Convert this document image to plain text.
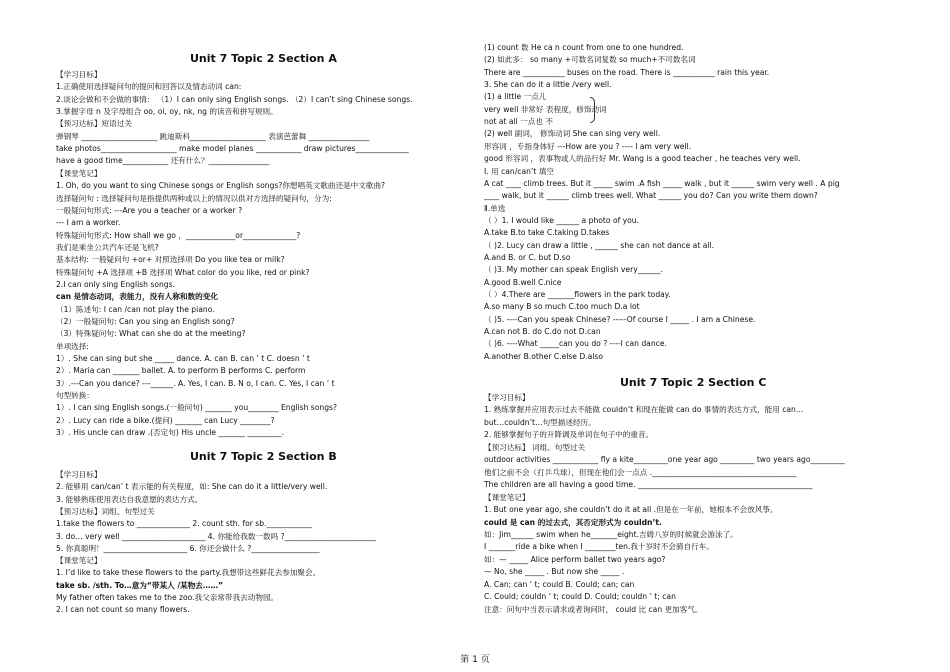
Unit 7 Topic 2 Section A
【学习目标】
1.正确使用选择疑问句的提问和回答以及情态动词 can:
2.谈论会做和不会做的事情： （1）I can only sing English songs. （2）I can’t sing Chinese songs.
3.掌握字母 n 及字母组合 oo, oi, oy, nk, ng 的读音和拼写规则。
【预习达标】短语过关
弹钢琴 ____________________ 跳迪斯科____________________ 表演芭蕾舞 ________________
take photos____________________ make model planes ____________ draw pictures______________
have a good time____________ 还有什么？________________
【课堂笔记】
1. Oh, do you want to sing Chinese songs or English songs?你想唱英文歌曲还是中文歌曲?
选择疑问句 : 选择疑问句是指提供两种或以上的情况以供对方选择的疑问句，分为:
一般疑问句形式: ---Are you a teacher or a worker ?
--- I am a worker.
特殊疑问句形式: How shall we go ，_____________or______________?
我们是乘坐公共汽车还是飞机?
基本结构: 一般疑问句 +or+ 对照选择项 Do you like tea or milk?
特殊疑问句 +A 选择项 +B 选择项 What color do you like, red or pink?
2.I can only sing English songs.
can 是情态动词，表能力，没有人称和数的变化
（1）陈述句: I can /can not play the piano.
（2）一般疑问句: Can you sing an English song?
（3）特殊疑问句: What can she do at the meeting?
单项选择:
1）. She can sing but she _____ dance. A. can B. can ’ t C. doesn ’ t
2）. Maria can _______ ballet. A. to perform B performs C. perform
3）.---Can you dance? ---______. A. Yes, I can. B. N o, I can. C. Yes, I can ’ t
句型转换：
1）. I can sing English songs.(一般问句) _______ you________ English songs?
2）. Lucy can ride a bike.(提问) _______ can Lucy ________?
3）. His uncle can draw .(否定句) His uncle _______ _________.
Unit 7 Topic 2 Section B
【学习目标】
2. 能够用 can/can’ t 表示能的有关程度，如: She can do it a little/very well.
3. 能够熟练使用表达自我意愿的表达方式。
【预习达标】词组、句型过关
1.take the flowers to ______________ 2. count sth. for sb.____________
3. do… very well ______________________ 4. 你能给我数一数吗 ?________________________
5. 你真聪明！______________________ 6. 你还会做什么 ?__________________
【课堂笔记】
1. I’d like to take these flowers to the party.我想带这些鲜花去参加聚会。
take sb. /sth. To…意为“带某人 /某物去……”
My father often takes me to the zoo.我父亲常带我去动物园。
2. I can not count so many flowers.
(1) count 数 He ca n count from one to one hundred.
(2) 如此多： so many +可数名词复数 so much+不可数名词
There are ___________ buses on the road. There is ___________ rain this year.
3. She can do it a little /very well.
(1) a little 一点儿
very well 非常好 表程度，修饰动词
not at all 一点也 不
(2) well 副词， 修饰动词 She can sing very well.
形容词 ，专指身体好 ---How are you ? ---- I am very well.
good 形容词 ，表事物或人的品行好 Mr. Wang is a good teacher , he teaches very well.
Ⅰ. 用 can/can’t 填空
A cat ____ climb trees. But it _____ swim .A fish _____ walk , but it ______ swim very well . A pig
____ walk, but it ______ climb trees well. What ______ you do? Can you write them down?
Ⅱ.单选
（ ）1. I would like ______ a photo of you.
A.take B.to take C.taking D.takes
（ )2. Lucy can draw a little , ______ she can not dance at all.
A.and B. or C. but D.so
（ )3. My mother can speak English very______.
A.good B.well C.nice
（ ）4.There are _______flowers in the park today.
A.so many B so much C.too much D.a lot
（ )5. ----Can you speak Chinese? -----Of course I _____ . I am a Chinese.
A.can not B. do C.do not D.can
（ )6. ----What _____can you do ? ----I can dance.
A.another B.other C.else D.also
Unit 7 Topic 2 Section C
【学习目标】
1. 熟练掌握并应用表示过去不能做 couldn’t 和现在能做 can do 事情的表达方式，能用 can…
but…couldn’t…句型描述经历。
2. 能够掌握句子的升降调及单词在句子中的重音。
【预习达标】 词组、句型过关
outdoor activities ____________ fly a kite_________one year ago _________ two years ago_________
他们之前不会（打乒乓球），但现在他们会一点点 .______________________________________
The children are all having a good time. ______________________________________________
【课堂笔记】
1. But one year ago, she couldn’t do it at all .但是在一年前，她根本不会放风筝。
could 是 can 的过去式，其否定形式为 couldn’t.
如：Jim______ swim when he_______eight.吉姆八岁的时候就会游泳了。
I _______ride a bike when I ________ten.我十岁时不会骑自行车。
如：— _____ Alice perform ballet two years ago?
— No, she _____ . But now she _____ .
A. Can; can ’ t; could B. Could; can; can
C. Could; couldn ’ t; could D. Could; couldn ’ t; can
注意：问句中当表示请求或者询问时， could 比 can 更加客气。
第 1 页
